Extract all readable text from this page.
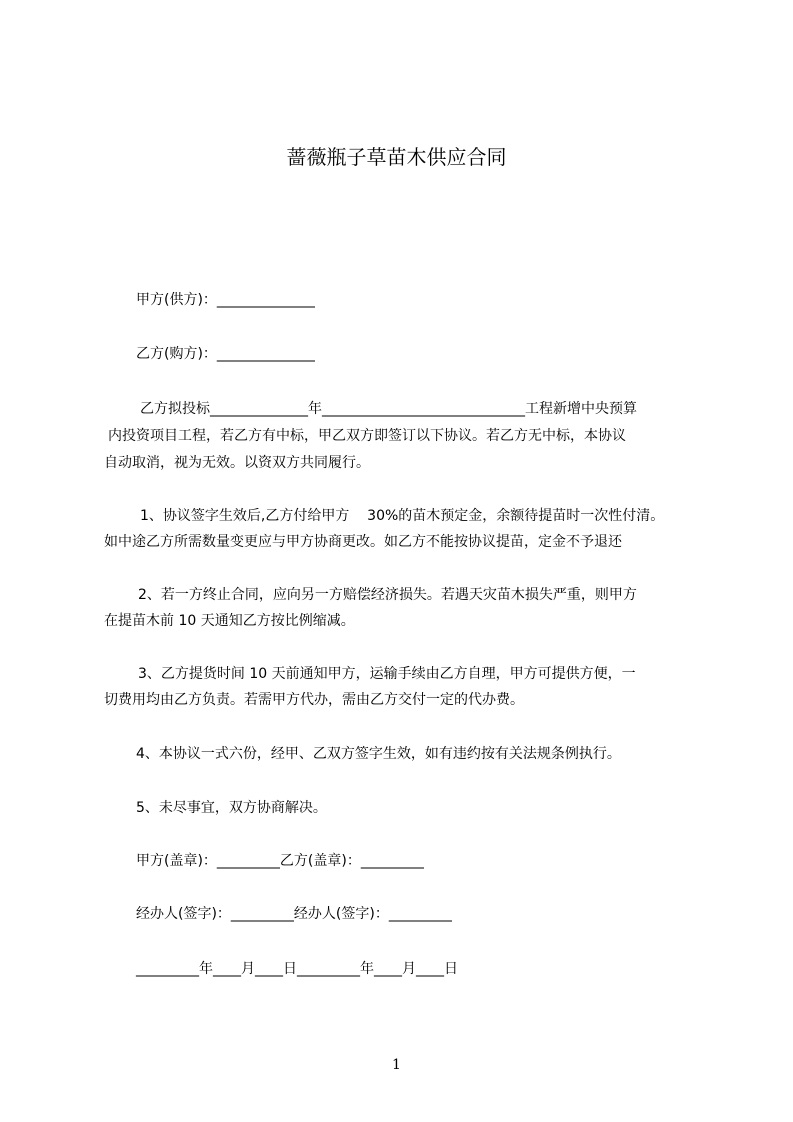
蔷薇瓶子草苗木供应合同
甲方(供方)：______________
乙方(购方)：______________
乙方拟投标______________年_____________________________工程新增中央预算
内投资项目工程，若乙方有中标，甲乙双方即签订以下协议。若乙方无中标，本协议
自动取消，视为无效。以资双方共同履行。
1、协议签字生效后,乙方付给甲方    30%的苗木预定金，余额待提苗时一次性付清。
如中途乙方所需数量变更应与甲方协商更改。如乙方不能按协议提苗，定金不予退还
2、若一方终止合同，应向另一方赔偿经济损失。若遇天灾苗木损失严重，则甲方
在提苗木前 10 天通知乙方按比例缩减。
3、乙方提货时间 10 天前通知甲方，运输手续由乙方自理，甲方可提供方便，一
切费用均由乙方负责。若需甲方代办，需由乙方交付一定的代办费。
4、本协议一式六份，经甲、乙双方签字生效，如有违约按有关法规条例执行。
5、未尽事宜，双方协商解决。
甲方(盖章)：_________乙方(盖章)：_________
经办人(签字)：_________经办人(签字)：_________
_________年____月____日_________年____月____日
1
